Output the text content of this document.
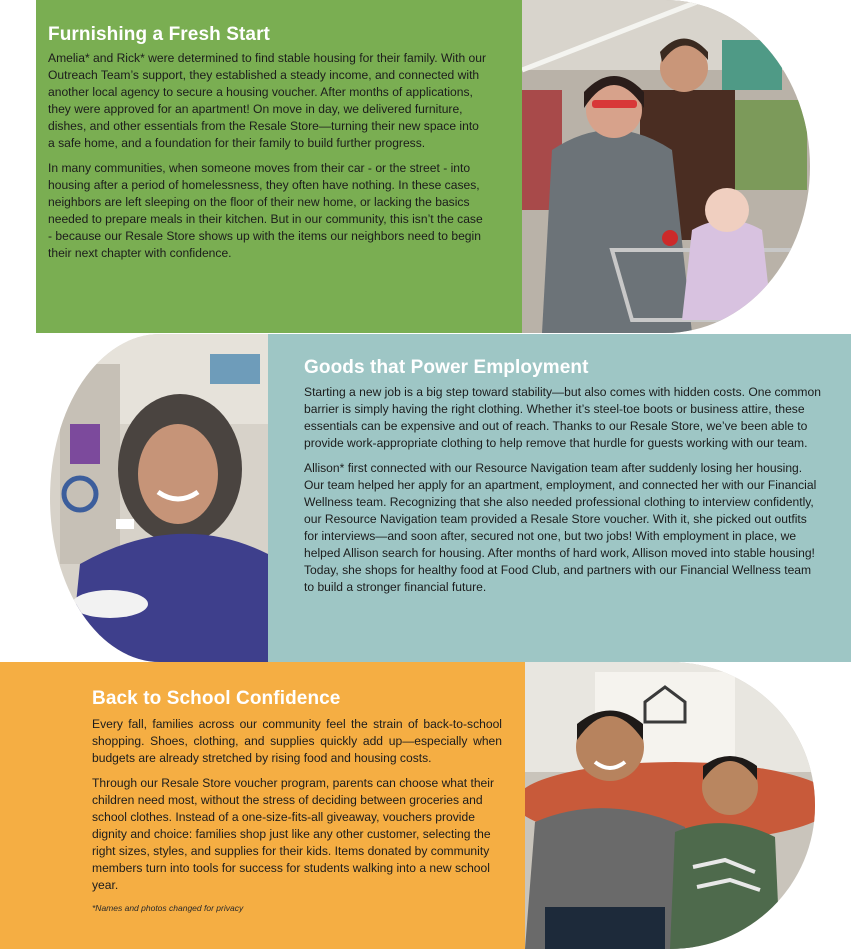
Furnishing a Fresh Start

Amelia* and Rick* were determined to find stable housing for their family. With our Outreach Team’s support, they established a steady income, and connected with another local agency to secure a housing voucher. After months of applications, they were approved for an apartment! On move in day, we delivered furniture, dishes, and other essentials from the Resale Store—turning their new space into a safe home, and a foundation for their family to build further progress.

In many communities, when someone moves from their car - or the street - into housing after a period of homelessness, they often have nothing. In these cases, neighbors are left sleeping on the floor of their new home, or lacking the basics needed to prepare meals in their kitchen. But in our community, this isn’t the case - because our Resale Store shows up with the items our neighbors need to begin their next chapter with confidence.

Goods that Power Employment

Starting a new job is a big step toward stability—but also comes with hidden costs. One common barrier is simply having the right clothing. Whether it’s steel-toe boots or business attire, these essentials can be expensive and out of reach. Thanks to our Resale Store, we’ve been able to provide work-appropriate clothing to help remove that hurdle for guests working with our team.

Allison* first connected with our Resource Navigation team after suddenly losing her housing. Our team helped her apply for an apartment, employment, and connected her with our Financial Wellness team. Recognizing that she also needed professional clothing to interview confidently, our Resource Navigation team provided a Resale Store voucher. With it, she picked out outfits for interviews—and soon after, secured not one, but two jobs! With employment in place, we helped Allison search for housing. After months of hard work, Allison moved into stable housing! Today, she shops for healthy food at Food Club, and partners with our Financial Wellness team to build a stronger financial future.

Back to School Confidence

Every fall, families across our community feel the strain of back-to-school shopping. Shoes, clothing, and supplies quickly add up—especially when budgets are already stretched by rising food and housing costs.

Through our Resale Store voucher program, parents can choose what their children need most, without the stress of deciding between groceries and school clothes. Instead of a one-size-fits-all giveaway, vouchers provide dignity and choice: families shop just like any other customer, selecting the right sizes, styles, and supplies for their kids. Items donated by community members turn into tools for success for students walking into a new school year.

*Names and photos changed for privacy
